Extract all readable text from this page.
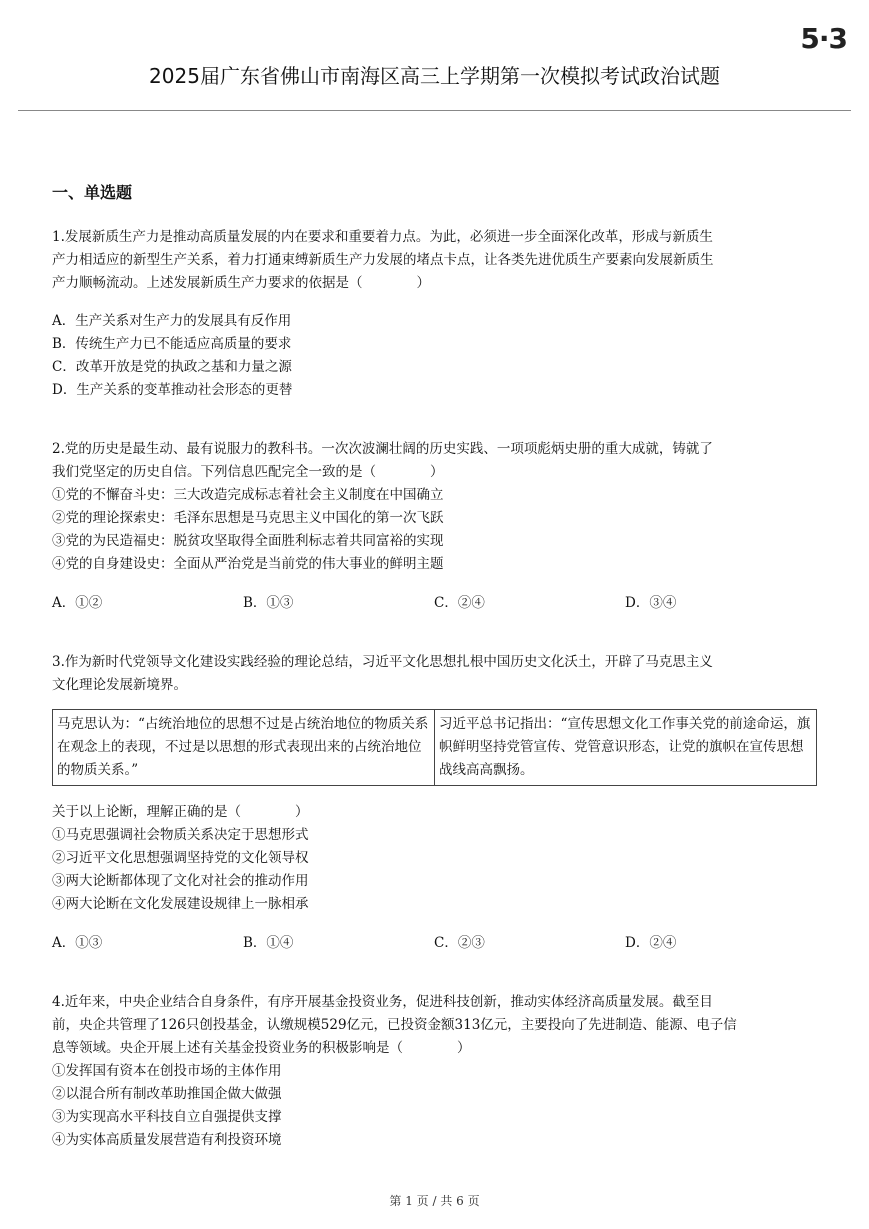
5·3
2025届广东省佛山市南海区高三上学期第一次模拟考试政治试题
一、单选题

1.发展新质生产力是推动高质量发展的内在要求和重要着力点。为此，必须进一步全面深化改革，形成与新质生

产力相适应的新型生产关系，着力打通束缚新质生产力发展的堵点卡点，让各类先进优质生产要素向发展新质生

产力顺畅流动。上述发展新质生产力要求的依据是（　　　　）

A．生产关系对生产力的发展具有反作用

B．传统生产力已不能适应高质量的要求

C．改革开放是党的执政之基和力量之源

D．生产关系的变革推动社会形态的更替

2.党的历史是最生动、最有说服力的教科书。一次次波澜壮阔的历史实践、一项项彪炳史册的重大成就，铸就了

我们党坚定的历史自信。下列信息匹配完全一致的是（　　　　）

①党的不懈奋斗史：三大改造完成标志着社会主义制度在中国确立

②党的理论探索史：毛泽东思想是马克思主义中国化的第一次飞跃

③党的为民造福史：脱贫攻坚取得全面胜利标志着共同富裕的实现

④党的自身建设史：全面从严治党是当前党的伟大事业的鲜明主题

A．①②	B．①③	C．②④	D．③④

3.作为新时代党领导文化建设实践经验的理论总结，习近平文化思想扎根中国历史文化沃土，开辟了马克思主义

文化理论发展新境界。

马克思认为：“占统治地位的思想不过是占统治地位的物质关系在观念上的表现，不过是以思想的形式表现出来的占统治地位的物质关系。”	习近平总书记指出：“宣传思想文化工作事关党的前途命运，旗帜鲜明坚持党管宣传、党管意识形态，让党的旗帜在宣传思想战线高高飘扬。

关于以上论断，理解正确的是（　　　　）

①马克思强调社会物质关系决定于思想形式

②习近平文化思想强调坚持党的文化领导权

③两大论断都体现了文化对社会的推动作用

④两大论断在文化发展建设规律上一脉相承

A．①③	B．①④	C．②③	D．②④

4.近年来，中央企业结合自身条件，有序开展基金投资业务，促进科技创新，推动实体经济高质量发展。截至目

前，央企共管理了126只创投基金，认缴规模529亿元，已投资金额313亿元，主要投向了先进制造、能源、电子信

息等领域。央企开展上述有关基金投资业务的积极影响是（　　　　）

①发挥国有资本在创投市场的主体作用

②以混合所有制改革助推国企做大做强

③为实现高水平科技自立自强提供支撑

④为实体高质量发展营造有利投资环境

第 1 页 / 共 6 页
